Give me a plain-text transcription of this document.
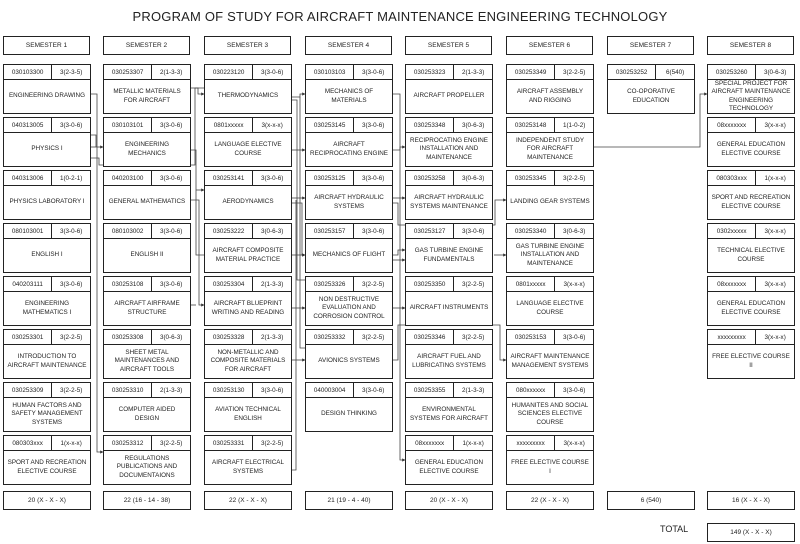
PROGRAM OF STUDY FOR AIRCRAFT MAINTENANCE ENGINEERING TECHNOLOGY
SEMESTER 1
030103300	3(2-3-5)
ENGINEERING DRAWING
040313005	3(3-0-6)
PHYSICS I
040313006	1(0-2-1)
PHYSICS LABORATORY I
080103001	3(3-0-6)
ENGLISH I
040203111	3(3-0-6)
ENGINEERING MATHEMATICS I
030253301	3(2-2-5)
INTRODUCTION TO AIRCRAFT MAINTENANCE
030253309	3(2-2-5)
HUMAN FACTORS AND SAFETY MANAGEMENT SYSTEMS
080303xxx	1(x-x-x)
SPORT AND RECREATION ELECTIVE COURSE
20 (X - X - X)
SEMESTER 2
030253307	2(1-3-3)
METALLIC MATERIALS FOR AIRCRAFT
030103101	3(3-0-6)
ENGINEERING MECHANICS
040203100	3(3-0-6)
GENERAL MATHEMATICS
080103002	3(3-0-6)
ENGLISH II
030253108	3(3-0-6)
AIRCRAFT AIRFRAME STRUCTURE
030253308	3(0-6-3)
SHEET METAL MAINTENANCES AND AIRCRAFT TOOLS
030253310	2(1-3-3)
COMPUTER AIDED DESIGN
030253312	3(2-2-5)
REGULATIONS PUBLICATIONS AND DOCUMENTAIONS
22 (16 - 14 - 38)
SEMESTER 3
030223120	3(3-0-6)
THERMODYNAMICS
0801xxxxx	3(x-x-x)
LANGUAGE ELECTIVE COURSE
030253141	3(3-0-6)
AERODYNAMICS
030253222	3(0-6-3)
AIRCRAFT COMPOSITE MATERIAL PRACTICE
030253304	2(1-3-3)
AIRCRAFT BLUEPRINT WRITING AND READING
030253328	2(1-3-3)
NON-METALLIC AND COMPOSITE MATERIALS FOR AIRCRAFT
030253130	3(3-0-6)
AVIATION TECHNICAL ENGLISH
030253331	3(2-2-5)
AIRCRAFT ELECTRICAL SYSTEMS
22 (X - X - X)
SEMESTER 4
030103103	3(3-0-6)
MECHANICS OF MATERIALS
030253145	3(3-0-6)
AIRCRAFT RECIPROCATING ENGINE
030253125	3(3-0-6)
AIRCRAFT HYDRAULIC SYSTEMS
030253157	3(3-0-6)
MECHANICS OF FLIGHT
030253326	3(2-2-5)
NON DESTRUCTIVE EVALUATION AND CORROSION CONTROL
030253332	3(2-2-5)
AVIONICS SYSTEMS
040003004	3(3-0-6)
DESIGN THINKING
21 (19 - 4 - 40)
SEMESTER 5
030253323	2(1-3-3)
AIRCRAFT PROPELLER
030253348	3(0-6-3)
RECIPROCATING ENGINE INSTALLATION AND MAINTENANCE
030253258	3(0-6-3)
AIRCRAFT HYDRAULIC SYSTEMS MAINTENANCE
030253127	3(3-0-6)
GAS TURBINE ENGINE FUNDAMENTALS
030253350	3(2-2-5)
AIRCRAFT INSTRUMENTS
030253346	3(2-2-5)
AIRCRAFT FUEL AND LUBRICATING SYSTEMS
030253355	2(1-3-3)
ENVIRONMENTAL SYSTEMS FOR AIRCRAFT
08xxxxxxx	1(x-x-x)
GENERAL EDUCATION ELECTIVE COURSE
20 (X - X - X)
SEMESTER 6
030253349	3(2-2-5)
AIRCRAFT ASSEMBLY AND RIGGING
030253148	1(1-0-2)
INDEPENDENT STUDY FOR AIRCRAFT MAINTENANCE
030253345	3(2-2-5)
LANDING GEAR SYSTEMS
030253340	3(0-6-3)
GAS TURBINE ENGINE INSTALLATION AND MAINTENANCE
0801xxxxx	3(x-x-x)
LANGUAGE ELECTIVE COURSE
030253153	3(3-0-6)
AIRCRAFT MAINTENANCE MANAGEMENT SYSTEMS
080xxxxxx	3(3-0-6)
HUMANITES AND SOCIAL SCIENCES ELECTIVE COURSE
xxxxxxxxx	3(x-x-x)
FREE ELECTIVE COURSE I
22 (X - X - X)
SEMESTER 7
030253252	6(540)
CO-OPORATIVE EDUCATION
6 (540)
SEMESTER 8
030253260	3(0-6-3)
SPECIAL PROJECT FOR AIRCRAFT MAINTENANCE ENGINEERING TECHNOLOGY
08xxxxxxx	3(x-x-x)
GENERAL EDUCATION ELECTIVE COURSE
080303xxx	1(x-x-x)
SPORT AND RECREATION ELECTIVE COURSE
0302xxxxx	3(x-x-x)
TECHNICAL ELECTIVE COURSE
08xxxxxxx	3(x-x-x)
GENERAL EDUCATION ELECTIVE COURSE
xxxxxxxxx	3(x-x-x)
FREE ELECTIVE COURSE II
16 (X - X - X)
TOTAL	149 (X - X - X)
